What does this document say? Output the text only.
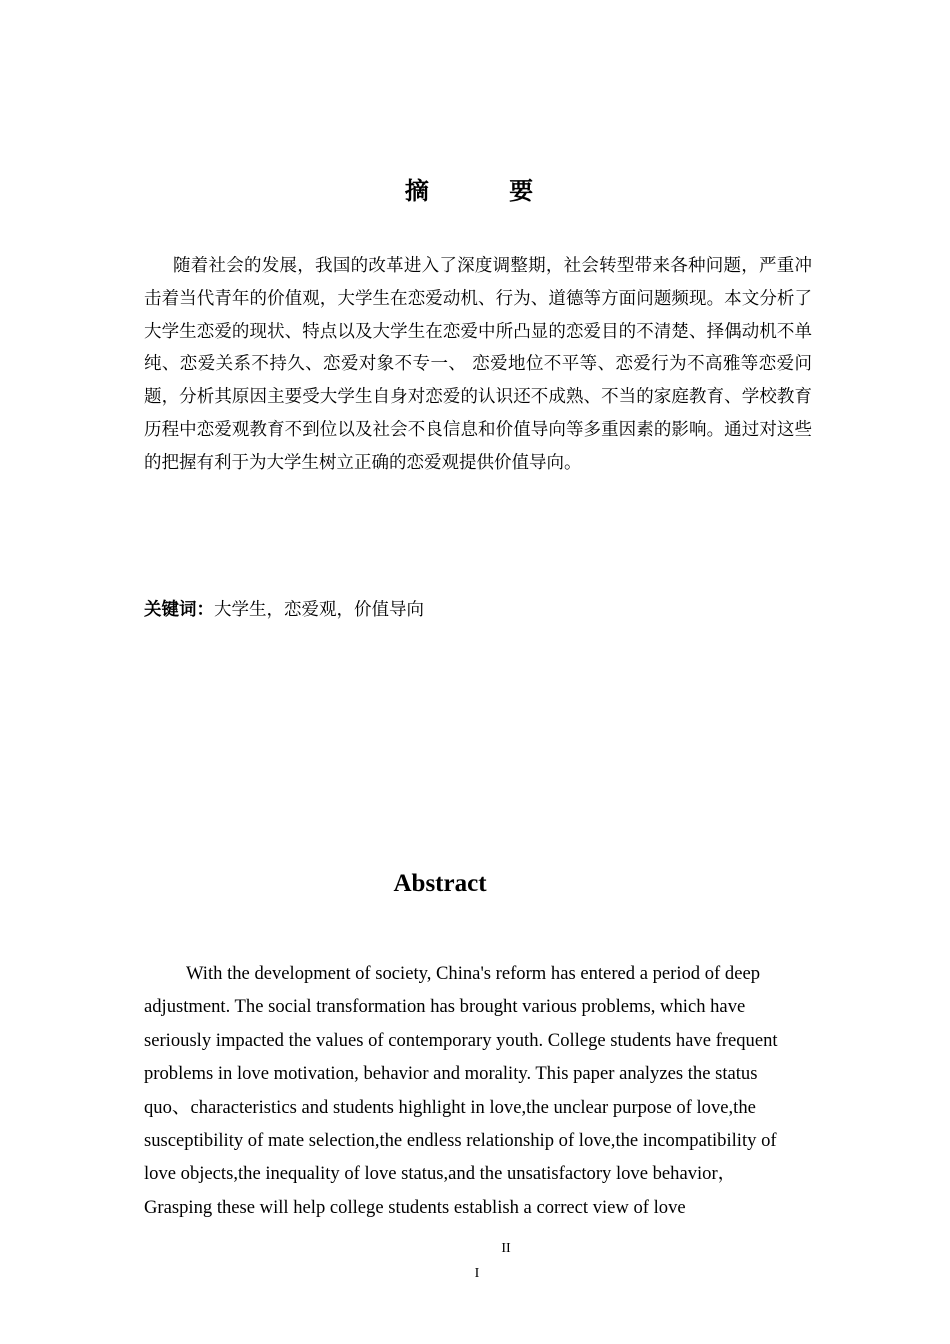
摘 要

随着社会的发展，我国的改革进入了深度调整期，社会转型带来各种问题，严重冲击着当代青年的价值观，大学生在恋爱动机、行为、道德等方面问题频现。本文分析了大学生恋爱的现状、特点以及大学生在恋爱中所凸显的恋爱目的不清楚、择偶动机不单纯、恋爱关系不持久、恋爱对象不专一、 恋爱地位不平等、恋爱行为不高雅等恋爱问题，分析其原因主要受大学生自身对恋爱的认识还不成熟、不当的家庭教育、学校教育历程中恋爱观教育不到位以及社会不良信息和价值导向等多重因素的影响。通过对这些的把握有利于为大学生树立正确的恋爱观提供价值导向。

关键词：大学生，恋爱观，价值导向

Abstract

With the development of society, China's reform has entered a period of deep adjustment. The social transformation has brought various problems, which have seriously impacted the values of contemporary youth. College students have frequent problems in love motivation, behavior and morality. This paper analyzes the status quo、characteristics and students highlight in love,the unclear purpose of love,the susceptibility of mate selection,the endless relationship of love,the incompatibility of love objects,the inequality of love status,and the unsatisfactory love behavior，Grasping these will help college students establish a correct view of love

II
I
